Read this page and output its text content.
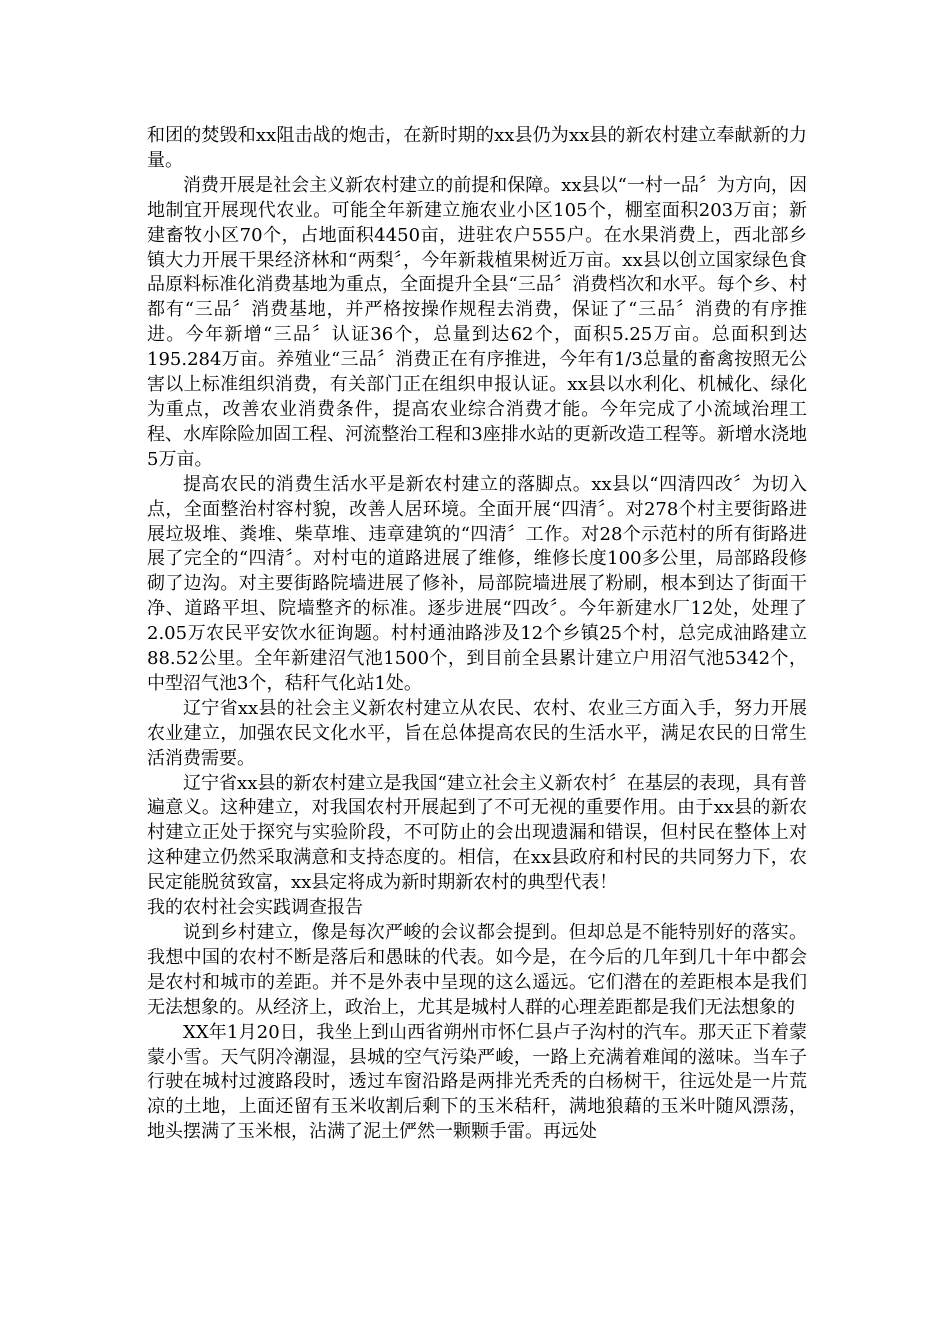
和团的焚毁和xx阻击战的炮击，在新时期的xx县仍为xx县的新农村建立奉献新的力量。

消费开展是社会主义新农村建立的前提和保障。xx县以“一村一品〞为方向，因地制宜开展现代农业。可能全年新建立施农业小区105个，棚室面积203万亩；新建畜牧小区70个，占地面积4450亩，进驻农户555户。在水果消费上，西北部乡镇大力开展干果经济林和“两梨〞，今年新栽植果树近万亩。xx县以创立国家绿色食品原料标准化消费基地为重点，全面提升全县“三品〞消费档次和水平。每个乡、村都有“三品〞消费基地，并严格按操作规程去消费，保证了“三品〞消费的有序推进。今年新增“三品〞认证36个，总量到达62个，面积5.25万亩。总面积到达195.284万亩。养殖业“三品〞消费正在有序推进，今年有1/3总量的畜禽按照无公害以上标准组织消费，有关部门正在组织申报认证。xx县以水利化、机械化、绿化为重点，改善农业消费条件，提高农业综合消费才能。今年完成了小流域治理工程、水库除险加固工程、河流整治工程和3座排水站的更新改造工程等。新增水浇地5万亩。

提高农民的消费生活水平是新农村建立的落脚点。xx县以“四清四改〞为切入点，全面整治村容村貌，改善人居环境。全面开展“四清〞。对278个村主要街路进展垃圾堆、粪堆、柴草堆、违章建筑的“四清〞工作。对28个示范村的所有街路进展了完全的“四清〞。对村屯的道路进展了维修，维修长度100多公里，局部路段修砌了边沟。对主要街路院墙进展了修补，局部院墙进展了粉刷，根本到达了街面干净、道路平坦、院墙整齐的标准。逐步进展“四改〞。今年新建水厂12处，处理了2.05万农民平安饮水征询题。村村通油路涉及12个乡镇25个村，总完成油路建立88.52公里。全年新建沼气池1500个，到目前全县累计建立户用沼气池5342个，中型沼气池3个，秸秆气化站1处。

辽宁省xx县的社会主义新农村建立从农民、农村、农业三方面入手，努力开展农业建立，加强农民文化水平，旨在总体提高农民的生活水平，满足农民的日常生活消费需要。

辽宁省xx县的新农村建立是我国“建立社会主义新农村〞在基层的表现，具有普遍意义。这种建立，对我国农村开展起到了不可无视的重要作用。由于xx县的新农村建立正处于探究与实验阶段，不可防止的会出现遗漏和错误，但村民在整体上对这种建立仍然采取满意和支持态度的。相信，在xx县政府和村民的共同努力下，农民定能脱贫致富，xx县定将成为新时期新农村的典型代表！

我的农村社会实践调查报告

说到乡村建立，像是每次严峻的会议都会提到。但却总是不能特别好的落实。我想中国的农村不断是落后和愚昧的代表。如今是，在今后的几年到几十年中都会是农村和城市的差距。并不是外表中呈现的这么遥远。它们潜在的差距根本是我们无法想象的。从经济上，政治上，尤其是城村人群的心理差距都是我们无法想象的

XX年1月20日，我坐上到山西省朔州市怀仁县卢子沟村的汽车。那天正下着蒙蒙小雪。天气阴冷潮湿，县城的空气污染严峻，一路上充满着难闻的滋味。当车子行驶在城村过渡路段时，透过车窗沿路是两排光秃秃的白杨树干，往远处是一片荒凉的土地，上面还留有玉米收割后剩下的玉米秸秆，满地狼藉的玉米叶随风漂荡，地头摆满了玉米根，沾满了泥土俨然一颗颗手雷。再远处
